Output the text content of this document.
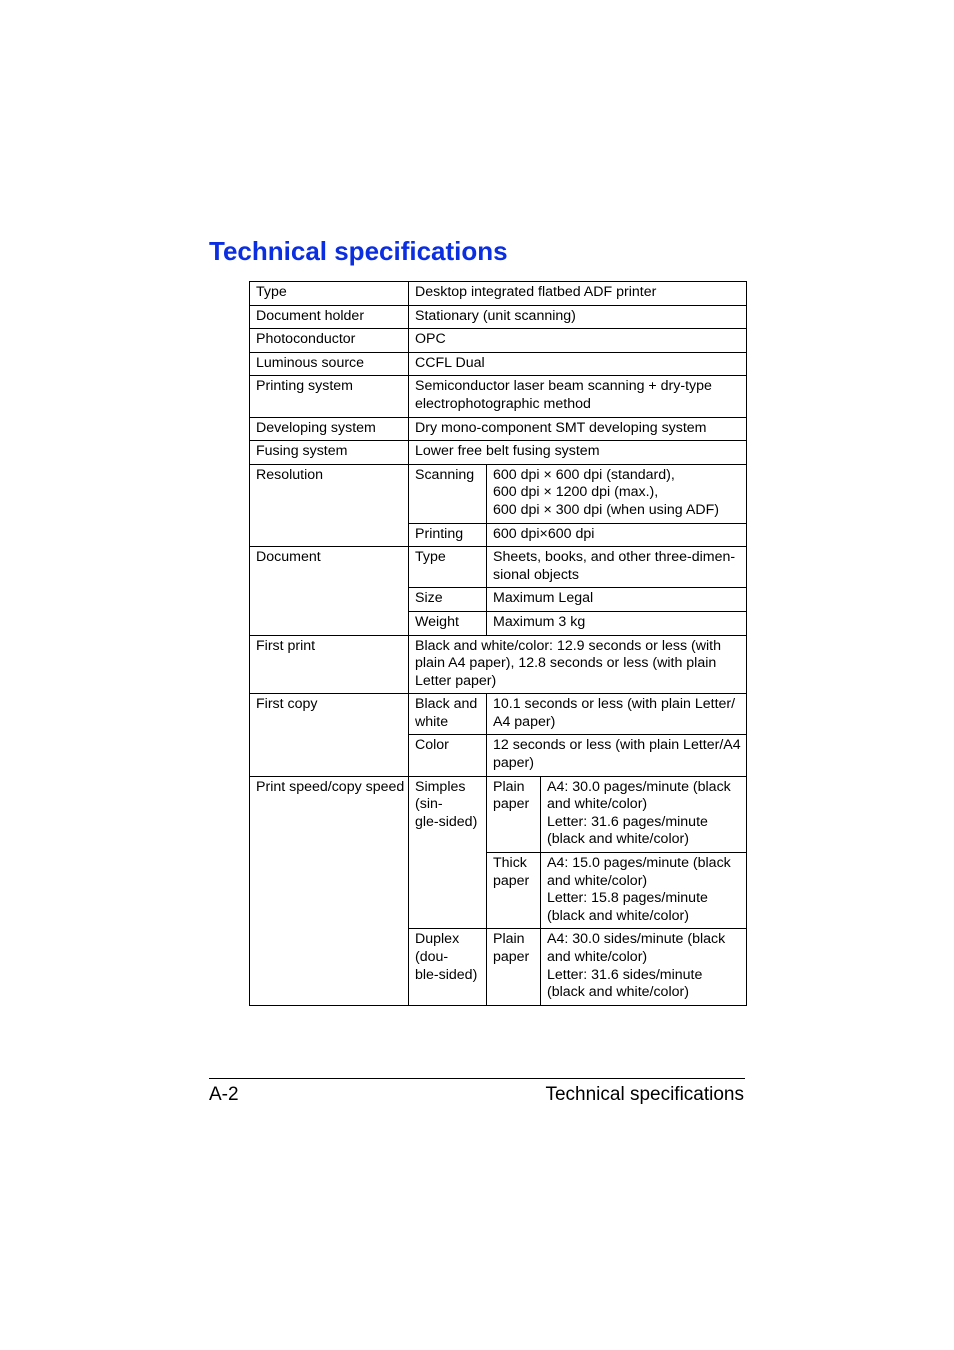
Technical specifications
Type	Desktop integrated flatbed ADF printer		
Document holder	Stationary (unit scanning)		
Photoconductor	OPC		
Luminous source	CCFL Dual		
Printing system	Semiconductor laser beam scanning + dry-type
electrophotographic method		
Developing system	Dry mono-component SMT developing system		
Fusing system	Lower free belt fusing system		
Resolution	Scanning	600 dpi × 600 dpi (standard),
600 dpi × 1200 dpi (max.),
600 dpi × 300 dpi (when using ADF)	
	Printing	600 dpi×600 dpi	
Document	Type	Sheets, books, and other three-dimen-
sional objects	
	Size	Maximum Legal	
	Weight	Maximum 3 kg	
First print	Black and white/color: 12.9 seconds or less (with
plain A4 paper), 12.8 seconds or less (with plain
Letter paper)		
First copy	Black and
white	10.1 seconds or less (with plain Letter/
A4 paper)	
	Color	12 seconds or less (with plain Letter/A4
paper)	
Print speed/copy speed	Simples
(sin-
gle-sided)	Plain
paper	A4: 30.0 pages/minute (black
and white/color)
Letter: 31.6 pages/minute
(black and white/color)
		Thick
paper	A4: 15.0 pages/minute (black
and white/color)
Letter: 15.8 pages/minute
(black and white/color)
	Duplex
(dou-
ble-sided)	Plain
paper	A4: 30.0 sides/minute (black
and white/color)
Letter: 31.6 sides/minute
(black and white/color)
A-2	Technical specifications
